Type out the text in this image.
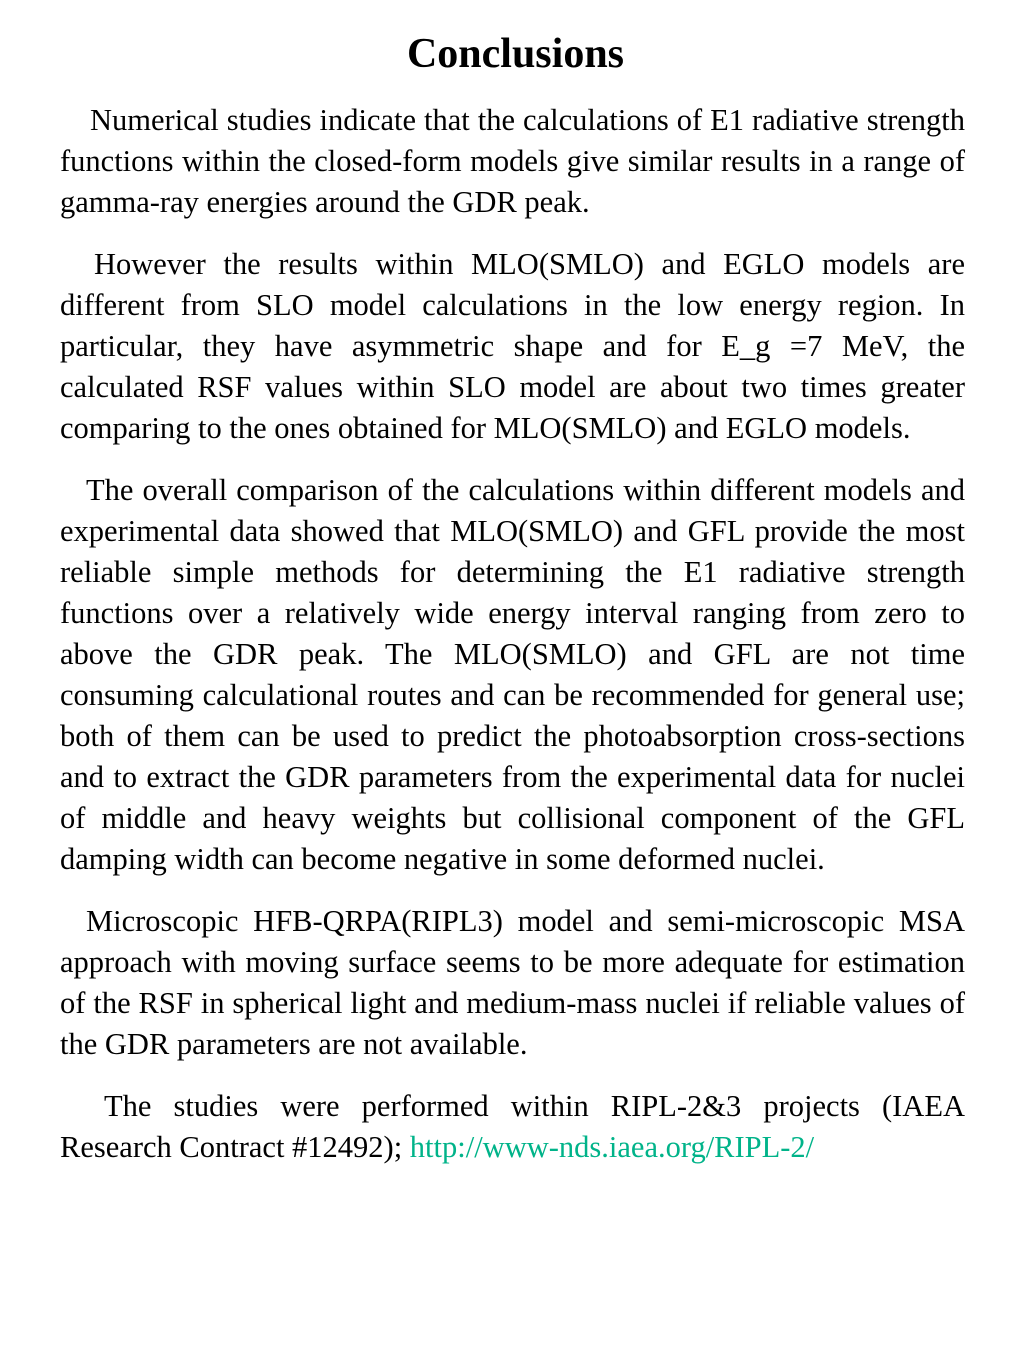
Conclusions

Numerical studies indicate that the calculations of E1 radiative strength functions within the closed-form models give similar results in a range of gamma-ray energies around the GDR peak.

However the results within MLO(SMLO) and EGLO models are different from SLO model calculations in the low energy region. In particular, they have asymmetric shape and for E_g =7 MeV, the calculated RSF values within SLO model are about two times greater comparing to the ones obtained for MLO(SMLO) and EGLO models.

The overall comparison of the calculations within different models and experimental data showed that MLO(SMLO) and GFL provide the most reliable simple methods for determining the E1 radiative strength functions over a relatively wide energy interval ranging from zero to above the GDR peak. The MLO(SMLO) and GFL are not time consuming calculational routes and can be recommended for general use; both of them can be used to predict the photoabsorption cross-sections and to extract the GDR parameters from the experimental data for nuclei of middle and heavy weights but collisional component of the GFL damping width can become negative in some deformed nuclei.

Microscopic HFB-QRPA(RIPL3) model and semi-microscopic MSA approach with moving surface seems to be more adequate for estimation of the RSF in spherical light and medium-mass nuclei if reliable values of the GDR parameters are not available.

The studies were performed within RIPL-2&3 projects (IAEA Research Contract #12492); http://www-nds.iaea.org/RIPL-2/
